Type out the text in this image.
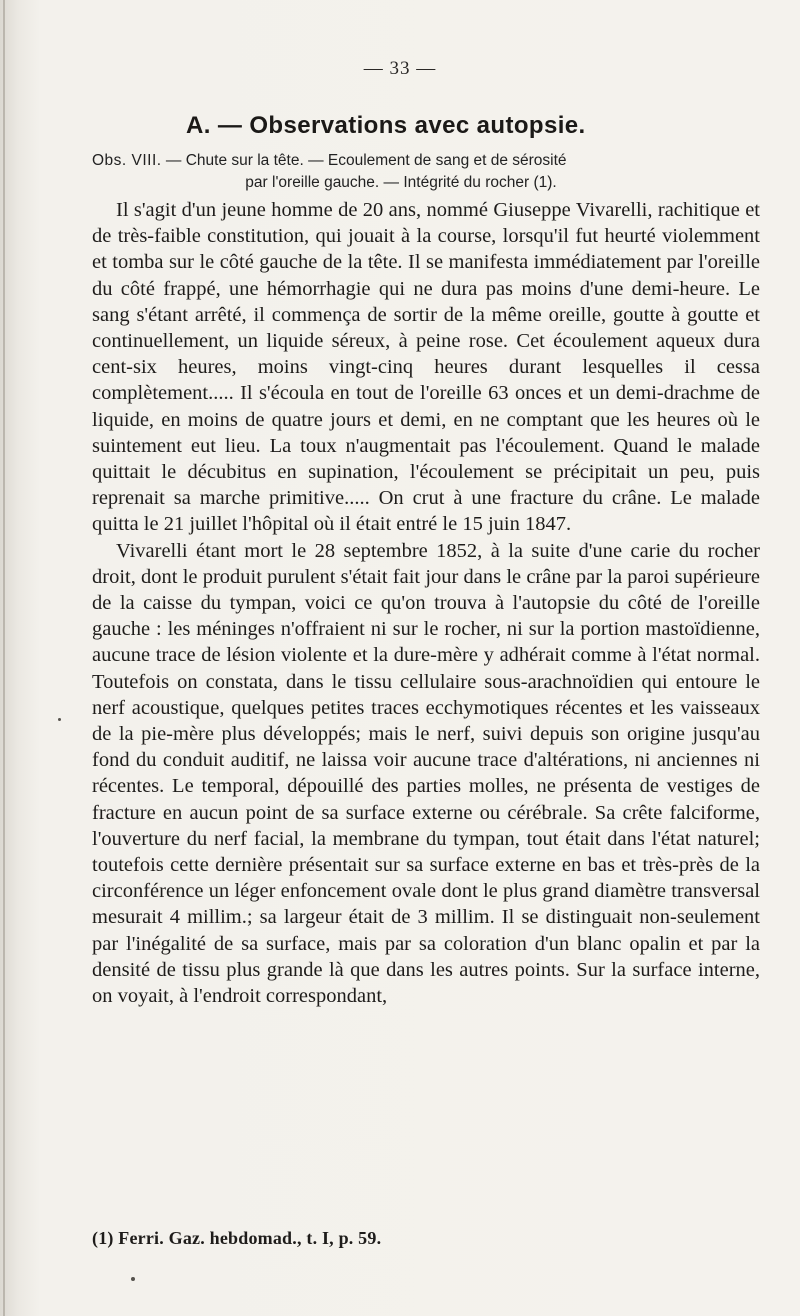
— 33 —
A. — Observations avec autopsie.
Obs. VIII. — Chute sur la tête. — Ecoulement de sang et de sérosité
par l'oreille gauche. — Intégrité du rocher (1).

Il s'agit d'un jeune homme de 20 ans, nommé Giuseppe Vivarelli, rachitique et de très-faible constitution, qui jouait à la course, lorsqu'il fut heurté violemment et tomba sur le côté gauche de la tête. Il se manifesta immédiatement par l'oreille du côté frappé, une hémorrhagie qui ne dura pas moins d'une demi-heure. Le sang s'étant arrêté, il commença de sortir de la même oreille, goutte à goutte et continuellement, un liquide séreux, à peine rose. Cet écoulement aqueux dura cent-six heures, moins vingt-cinq heures durant lesquelles il cessa complètement..... Il s'écoula en tout de l'oreille 63 onces et un demi-drachme de liquide, en moins de quatre jours et demi, en ne comptant que les heures où le suintement eut lieu. La toux n'augmentait pas l'écoulement. Quand le malade quittait le décubitus en supination, l'écoulement se précipitait un peu, puis reprenait sa marche primitive..... On crut à une fracture du crâne. Le malade quitta le 21 juillet l'hôpital où il était entré le 15 juin 1847.

Vivarelli étant mort le 28 septembre 1852, à la suite d'une carie du rocher droit, dont le produit purulent s'était fait jour dans le crâne par la paroi supérieure de la caisse du tympan, voici ce qu'on trouva à l'autopsie du côté de l'oreille gauche : les méninges n'offraient ni sur le rocher, ni sur la portion mastoïdienne, aucune trace de lésion violente et la dure-mère y adhérait comme à l'état normal. Toutefois on constata, dans le tissu cellulaire sous-arachnoïdien qui entoure le nerf acoustique, quelques petites traces ecchymotiques récentes et les vaisseaux de la pie-mère plus développés; mais le nerf, suivi depuis son origine jusqu'au fond du conduit auditif, ne laissa voir aucune trace d'altérations, ni anciennes ni récentes. Le temporal, dépouillé des parties molles, ne présenta de vestiges de fracture en aucun point de sa surface externe ou cérébrale. Sa crête falciforme, l'ouverture du nerf facial, la membrane du tympan, tout était dans l'état naturel; toutefois cette dernière présentait sur sa surface externe en bas et très-près de la circonférence un léger enfoncement ovale dont le plus grand diamètre transversal mesurait 4 millim.; sa largeur était de 3 millim. Il se distinguait non-seulement par l'inégalité de sa surface, mais par sa coloration d'un blanc opalin et par la densité de tissu plus grande là que dans les autres points. Sur la surface interne, on voyait, à l'endroit correspondant,

(1) Ferri. Gaz. hebdomad., t. I, p. 59.
